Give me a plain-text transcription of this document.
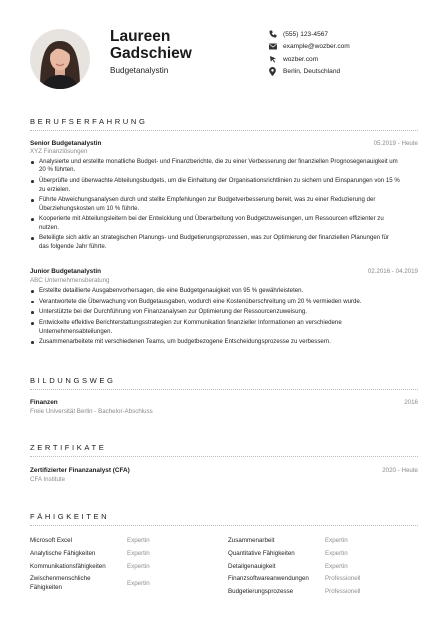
Laureen
Gadschiew
Budgetanalystin
(555) 123-4567
example@wozber.com
wozber.com
Berlin, Deutschland
BERUFSERFAHRUNG
Senior Budgetanalystin	05.2019 - Heute
XYZ Finanzlösungen
Analysierte und erstellte monatliche Budget- und Finanzberichte, die zu einer Verbesserung der finanziellen Prognosegenauigkeit um 20 % führten.
Überprüfte und überwachte Abteilungsbudgets, um die Einhaltung der Organisationsrichtlinien zu sichern und Einsparungen von 15 % zu erzielen.
Führte Abweichungsanalysen durch und stellte Empfehlungen zur Budgetverbesserung bereit, was zu einer Reduzierung der Überziehungskosten um 10 % führte.
Kooperierte mit Abteilungsleitern bei der Entwicklung und Überarbeitung von Budgetzuweisungen, um Ressourcen effizienter zu nutzen.
Beteiligte sich aktiv an strategischen Planungs- und Budgetierungsprozessen, was zur Optimierung der finanziellen Planungen für das folgende Jahr führte.
Junior Budgetanalystin	02.2016 - 04.2019
ABC Unternehmensberatung
Erstellte detaillierte Ausgabenvorhersagen, die eine Budgetgenauigkeit von 95 % gewährleisteten.
Verantwortete die Überwachung von Budgetausgaben, wodurch eine Kostenüberschreitung um 20 % vermieden wurde.
Unterstützte bei der Durchführung von Finanzanalysen zur Optimierung der Ressourcenzuweisung.
Entwickelte effektive Berichterstattungsstrategien zur Kommunikation finanzieller Informationen an verschiedene Unternehmensabteilungen.
Zusammenarbeitete mit verschiedenen Teams, um budgetbezogene Entscheidungsprozesse zu verbessern.
BILDUNGSWEG
Finanzen	2016
Freie Universität Berlin - Bachelor-Abschluss
ZERTIFIKATE
Zertifizierter Finanzanalyst (CFA)	2020 - Heute
CFA Institute
FÄHIGKEITEN
Microsoft Excel	Expertin
Analytische Fähigkeiten	Expertin
Kommunikationsfähigkeiten	Expertin
Zwischenmenschliche Fähigkeiten
Expertin
Zusammenarbeit	Expertin
Quantitative Fähigkeiten	Expertin
Detailgenauigkeit	Expertin
Finanzsoftwareanwendungen	Professionell
Budgetierungsprozesse	Professionell
